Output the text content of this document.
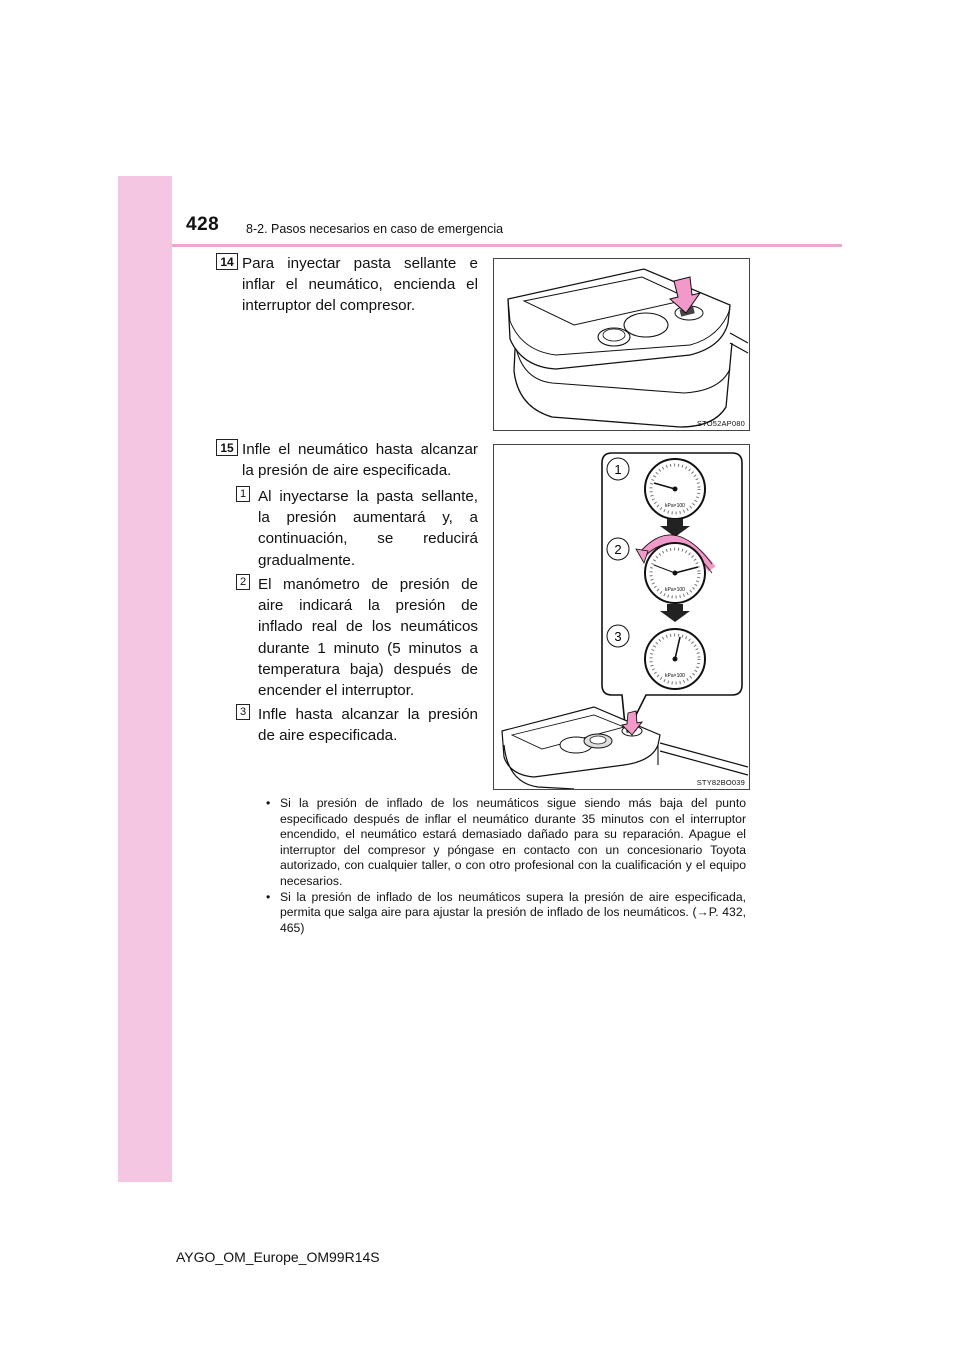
428 8-2. Pasos necesarios en caso de emergencia
14 Para inyectar pasta sellante e inflar el neumático, encienda el interruptor del compresor.
STO52AP080
15 Infle el neumático hasta alcanzar la presión de aire especificada.
1 Al inyectarse la pasta sellante, la presión aumentará y, a continuación, se reducirá gradualmente.
2 El manómetro de presión de aire indicará la presión de inflado real de los neumáticos durante 1 minuto (5 minutos a temperatura baja) después de encender el interruptor.
3 Infle hasta alcanzar la presión de aire especificada.
1
2
3
kPa×100
kPa×100
kPa×100
STY82BO039
• Si la presión de inflado de los neumáticos sigue siendo más baja del punto especificado después de inflar el neumático durante 35 minutos con el interruptor encendido, el neumático estará demasiado dañado para su reparación. Apague el interruptor del compresor y póngase en contacto con un concesionario Toyota autorizado, con cualquier taller, o con otro profesional con la cualificación y el equipo necesarios.
• Si la presión de inflado de los neumáticos supera la presión de aire especificada, permita que salga aire para ajustar la presión de inflado de los neumáticos. (→P. 432, 465)
AYGO_OM_Europe_OM99R14S
